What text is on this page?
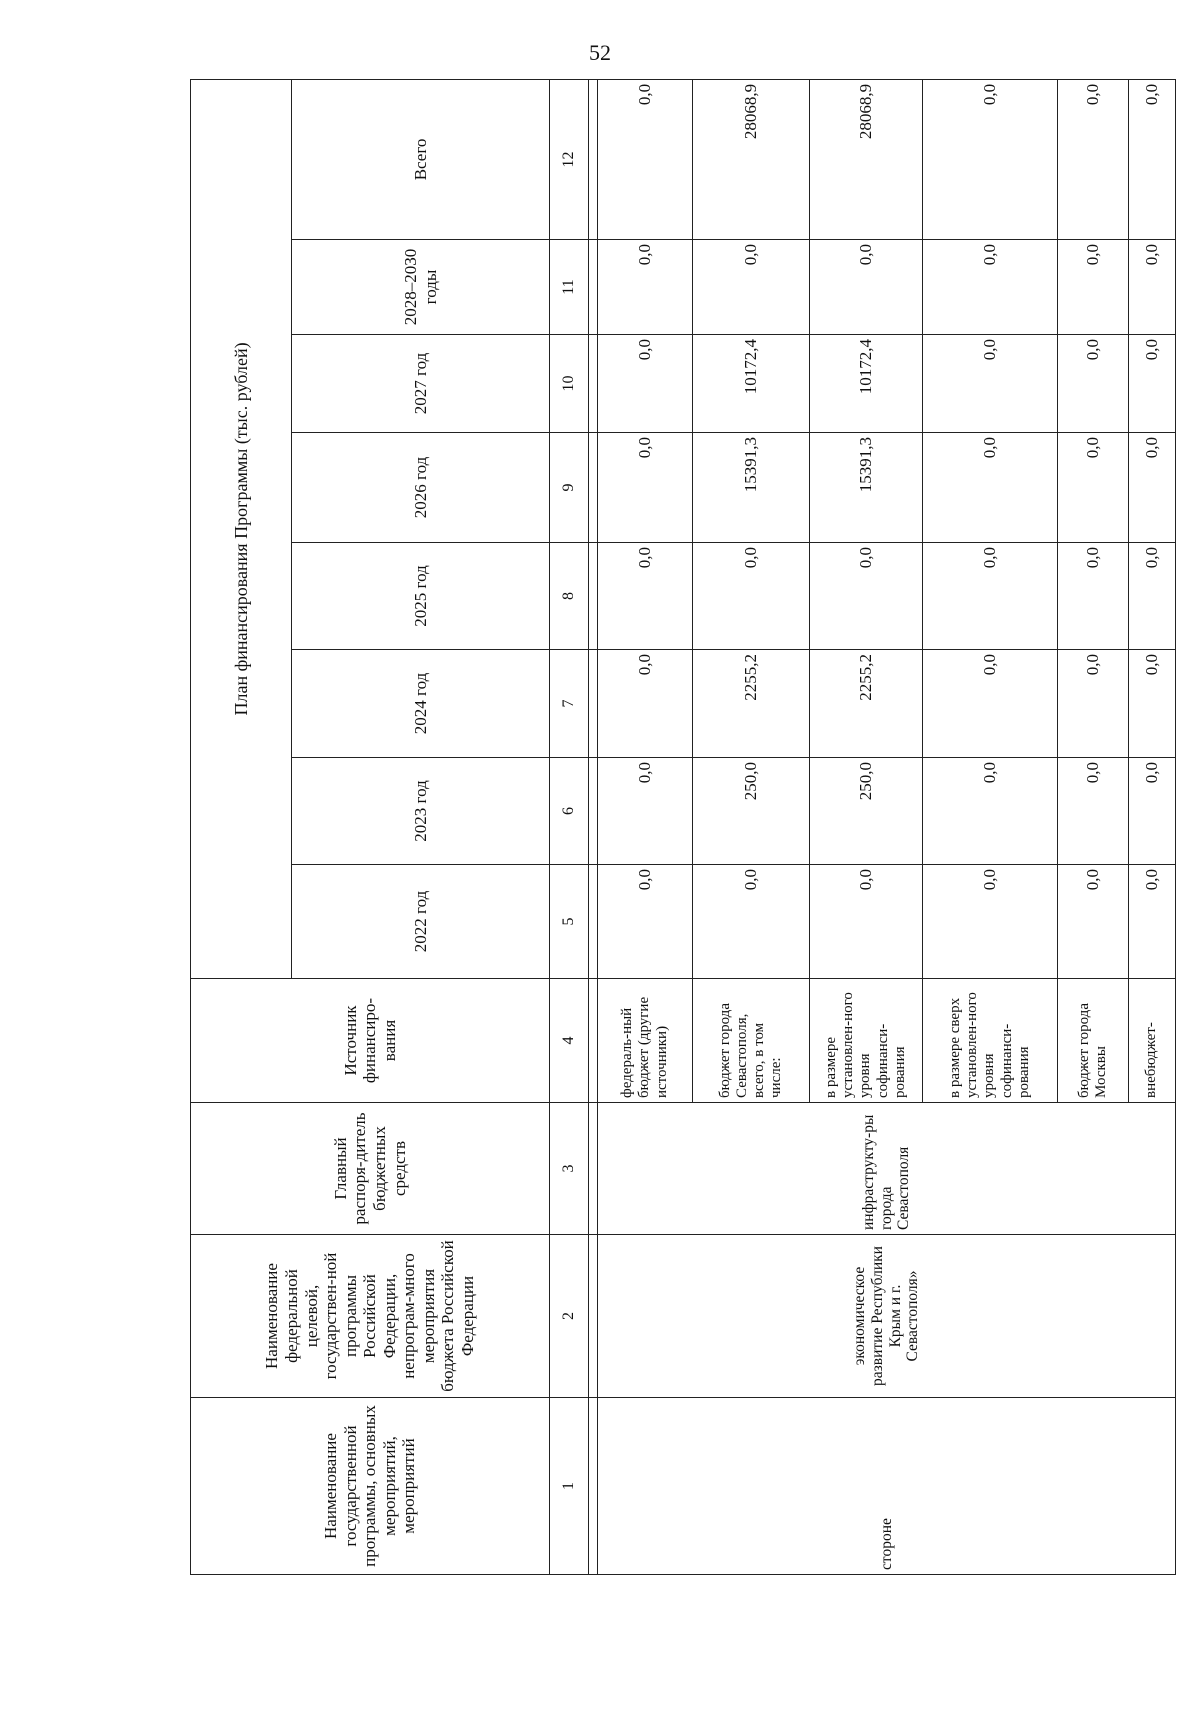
52
Наименование государственной программы, основных мероприятий, мероприятий	Наименование федеральной целевой, государствен-ной программы Российской Федерации, непрограм-много мероприятия бюджета Российской Федерации	Главный распоря-дитель бюджетных средств	Источник финансиро-вания	План финансирования Программы (тыс. рублей)							
				2022 год	2023 год	2024 год	2025 год	2026 год	2027 год	2028–2030 годы	Всего
1	2	3	4	5	6	7	8	9	10	11	12

стороне	экономическое развитие Республики Крым и г. Севастополя»	инфраструкту-ры города Севастополя	федераль-ный бюджет (другие источники)	0,0	0,0	0,0	0,0	0,0	0,0	0,0	0,0
			бюджет города Севастополя, всего, в том числе:	0,0	250,0	2255,2	0,0	15391,3	10172,4	0,0	28068,9
			в размере установлен-ного уровня софинанси-рования	0,0	250,0	2255,2	0,0	15391,3	10172,4	0,0	28068,9
			в размере сверх установлен-ного уровня софинанси-рования	0,0	0,0	0,0	0,0	0,0	0,0	0,0	0,0
			бюджет города Москвы	0,0	0,0	0,0	0,0	0,0	0,0	0,0	0,0
			внебюджет-	0,0	0,0	0,0	0,0	0,0	0,0	0,0	0,0
